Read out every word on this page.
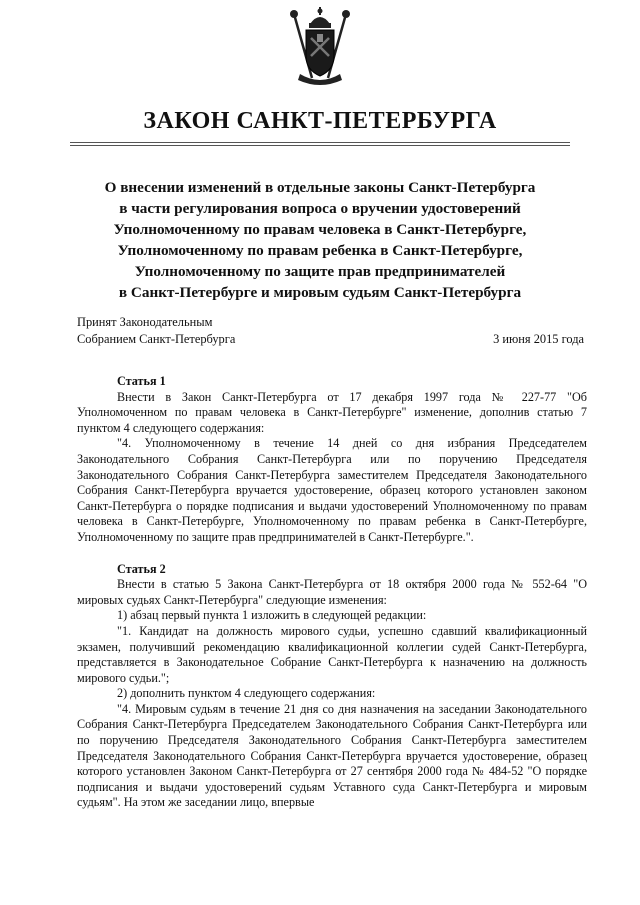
ЗАКОН САНКТ-ПЕТЕРБУРГА
О внесении изменений в отдельные законы Санкт-Петербурга
в части регулирования вопроса о вручении удостоверений
Уполномоченному по правам человека в Санкт-Петербурге,
Уполномоченному по правам ребенка в Санкт-Петербурге,
Уполномоченному по защите прав предпринимателей
в Санкт-Петербурге и мировым судьям Санкт-Петербурга
Принят Законодательным
Собранием Санкт-Петербурга	3 июня 2015 года

Статья 1

Внести в Закон Санкт-Петербурга от 17 декабря 1997 года № 227-77 "Об Уполномоченном по правам человека в Санкт-Петербурге" изменение, дополнив статью 7 пунктом 4 следующего содержания:

"4. Уполномоченному в течение 14 дней со дня избрания Председателем Законодательного Собрания Санкт-Петербурга или по поручению Председателя Законодательного Собрания Санкт-Петербурга заместителем Председателя Законодательного Собрания Санкт-Петербурга вручается удостоверение, образец которого установлен законом Санкт-Петербурга о порядке подписания и выдачи удостоверений Уполномоченному по правам человека в Санкт-Петербурге, Уполномоченному по правам ребенка в Санкт-Петербурге, Уполномоченному по защите прав предпринимателей в Санкт-Петербурге.".

Статья 2

Внести в статью 5 Закона Санкт-Петербурга от 18 октября 2000 года № 552-64 "О мировых судьях Санкт-Петербурга" следующие изменения:

1) абзац первый пункта 1 изложить в следующей редакции:

"1. Кандидат на должность мирового судьи, успешно сдавший квалификационный экзамен, получивший рекомендацию квалификационной коллегии судей Санкт-Петербурга, представляется в Законодательное Собрание Санкт-Петербурга к назначению на должность мирового судьи.";

2) дополнить пунктом 4 следующего содержания:

"4. Мировым судьям в течение 21 дня со дня назначения на заседании Законодательного Собрания Санкт-Петербурга Председателем Законодательного Собрания Санкт-Петербурга или по поручению Председателя Законодательного Собрания Санкт-Петербурга заместителем Председателя Законодательного Собрания Санкт-Петербурга вручается удостоверение, образец которого установлен Законом Санкт-Петербурга от 27 сентября 2000 года № 484-52 "О порядке подписания и выдачи удостоверений судьям Уставного суда Санкт-Петербурга и мировым судьям". На этом же заседании лицо, впервые
